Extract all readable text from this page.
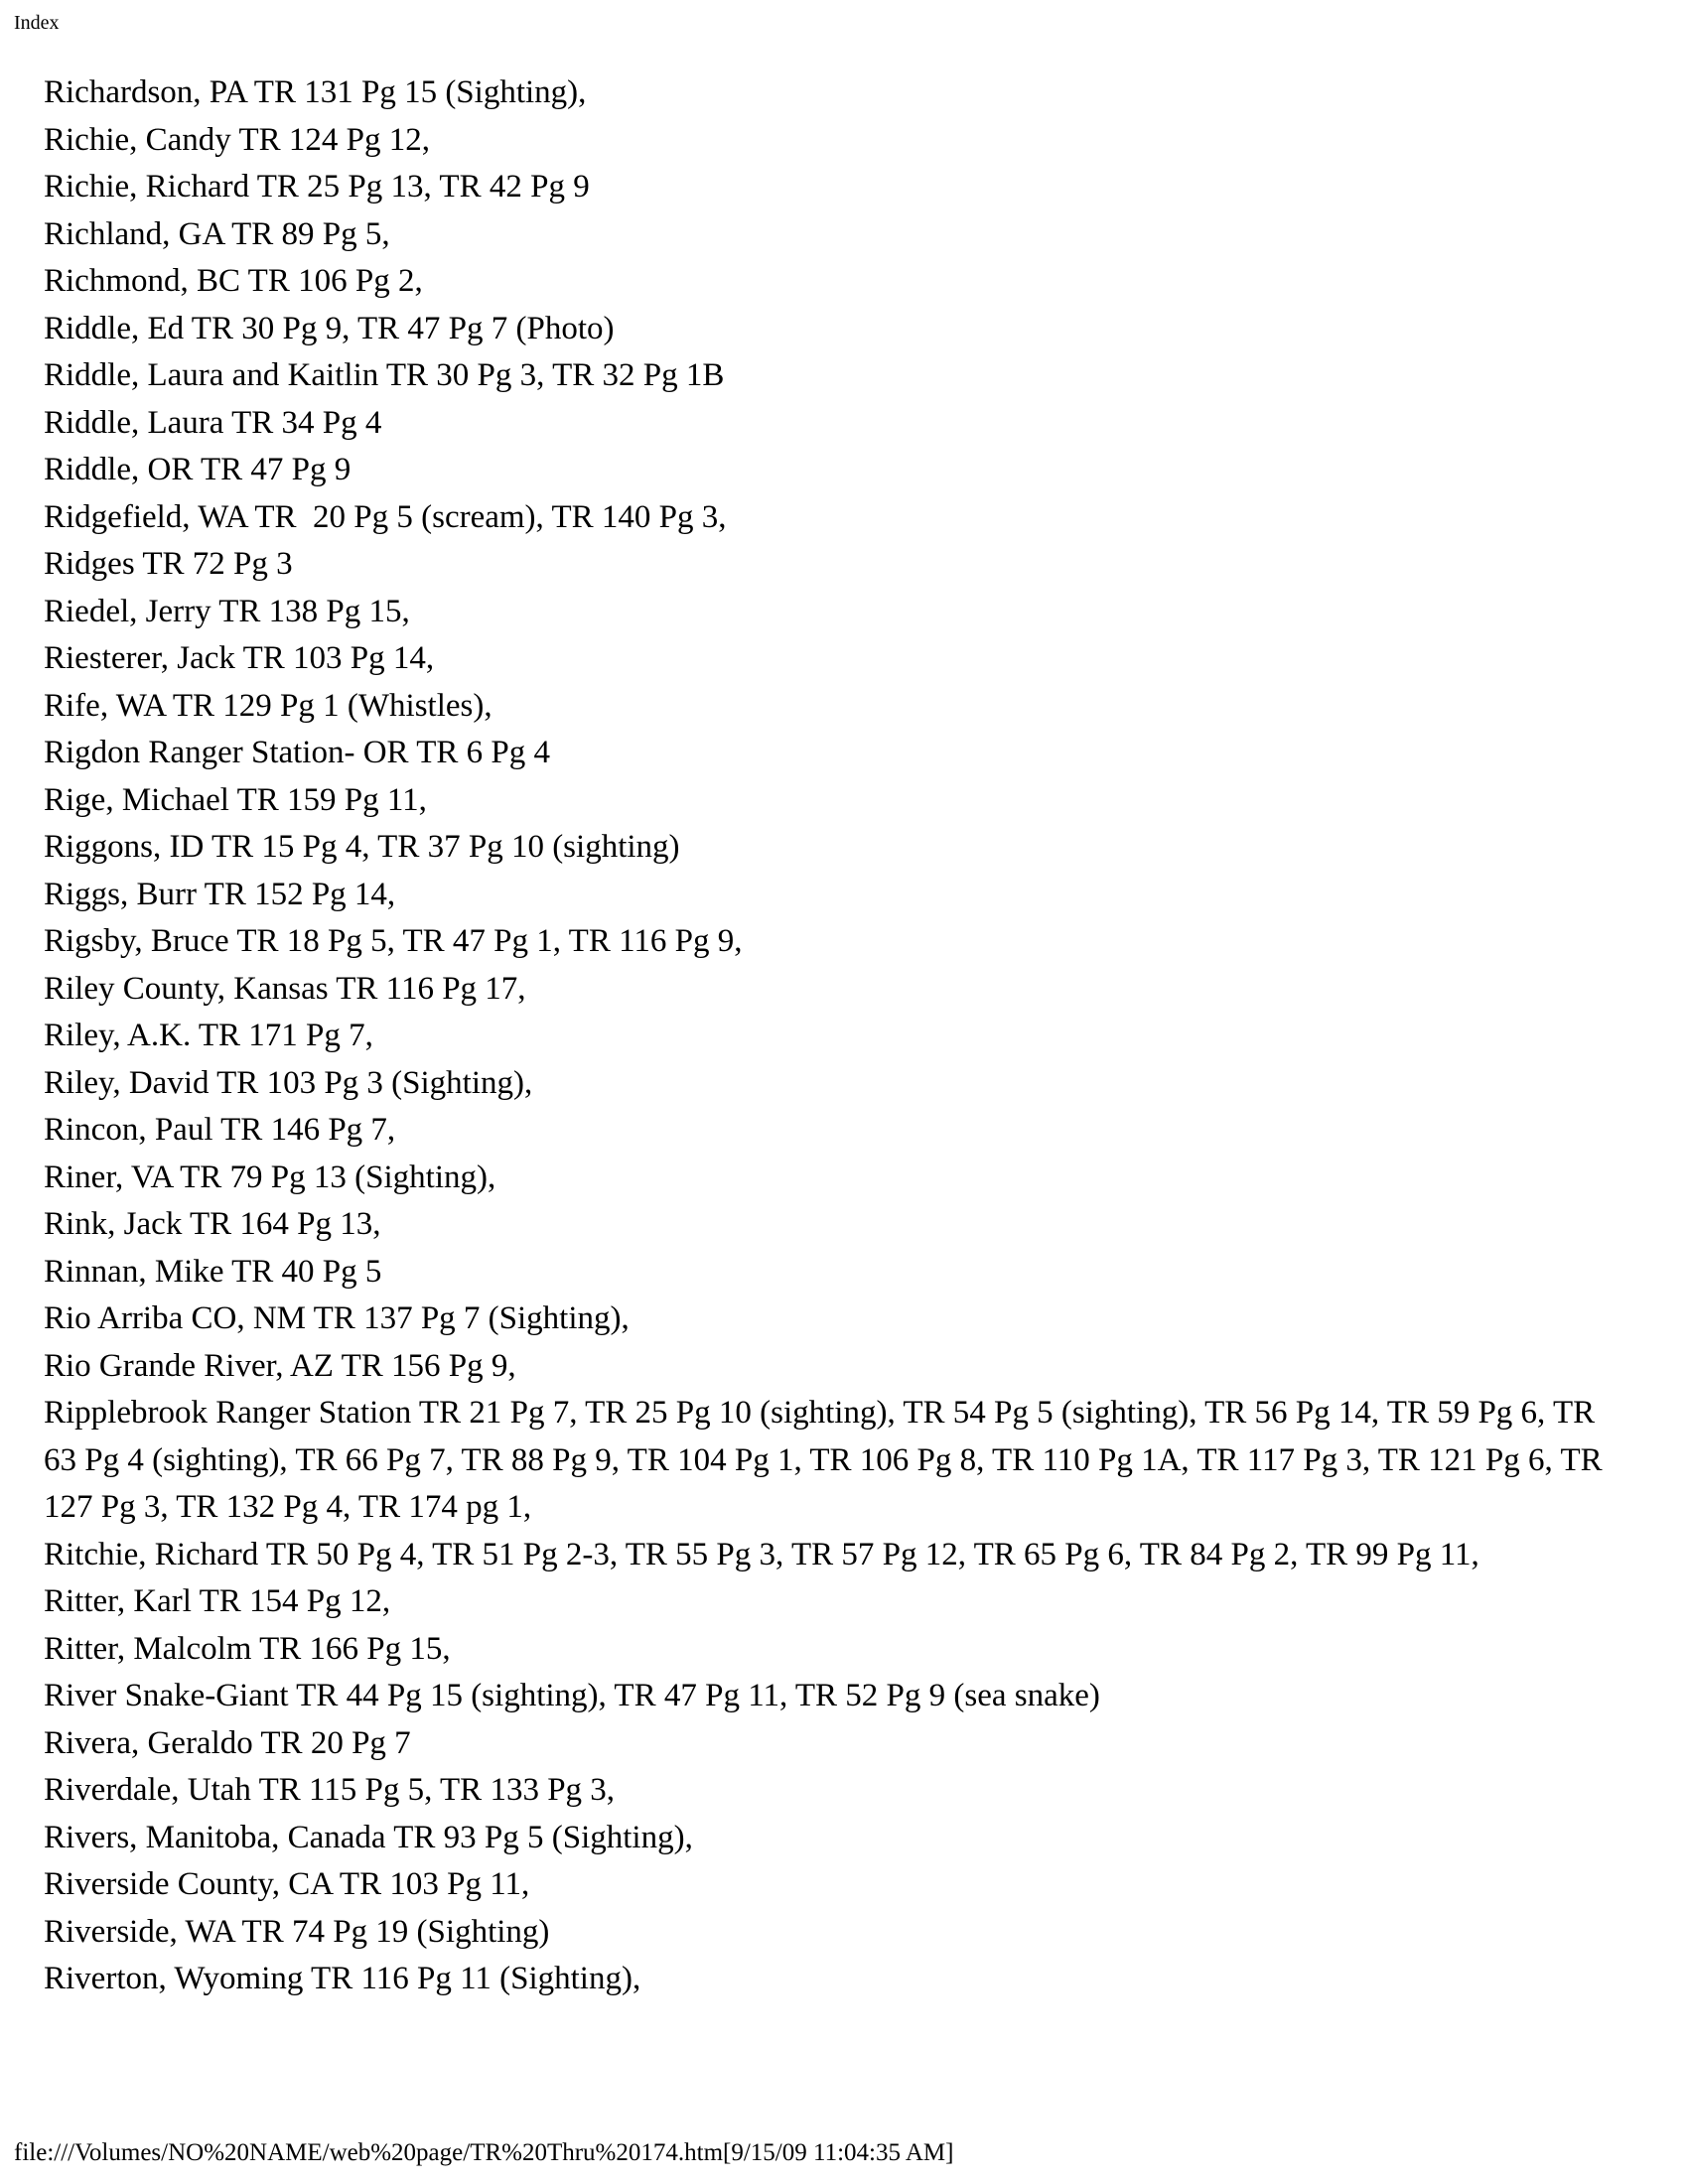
Index
Richardson, PA TR 131 Pg 15 (Sighting),
Richie, Candy TR 124 Pg 12,
Richie, Richard TR 25 Pg 13, TR 42 Pg 9
Richland, GA TR 89 Pg 5,
Richmond, BC TR 106 Pg 2,
Riddle, Ed TR 30 Pg 9, TR 47 Pg 7 (Photo)
Riddle, Laura and Kaitlin TR 30 Pg 3, TR 32 Pg 1B
Riddle, Laura TR 34 Pg 4
Riddle, OR TR 47 Pg 9
Ridgefield, WA TR  20 Pg 5 (scream), TR 140 Pg 3,
Ridges TR 72 Pg 3
Riedel, Jerry TR 138 Pg 15,
Riesterer, Jack TR 103 Pg 14,
Rife, WA TR 129 Pg 1 (Whistles),
Rigdon Ranger Station- OR TR 6 Pg 4
Rige, Michael TR 159 Pg 11,
Riggons, ID TR 15 Pg 4, TR 37 Pg 10 (sighting)
Riggs, Burr TR 152 Pg 14,
Rigsby, Bruce TR 18 Pg 5, TR 47 Pg 1, TR 116 Pg 9,
Riley County, Kansas TR 116 Pg 17,
Riley, A.K. TR 171 Pg 7,
Riley, David TR 103 Pg 3 (Sighting),
Rincon, Paul TR 146 Pg 7,
Riner, VA TR 79 Pg 13 (Sighting),
Rink, Jack TR 164 Pg 13,
Rinnan, Mike TR 40 Pg 5
Rio Arriba CO, NM TR 137 Pg 7 (Sighting),
Rio Grande River, AZ TR 156 Pg 9,
Ripplebrook Ranger Station TR 21 Pg 7, TR 25 Pg 10 (sighting), TR 54 Pg 5 (sighting), TR 56 Pg 14, TR 59 Pg 6, TR 63 Pg 4 (sighting), TR 66 Pg 7, TR 88 Pg 9, TR 104 Pg 1, TR 106 Pg 8, TR 110 Pg 1A, TR 117 Pg 3, TR 121 Pg 6, TR 127 Pg 3, TR 132 Pg 4, TR 174 pg 1,
Ritchie, Richard TR 50 Pg 4, TR 51 Pg 2-3, TR 55 Pg 3, TR 57 Pg 12, TR 65 Pg 6, TR 84 Pg 2, TR 99 Pg 11,
Ritter, Karl TR 154 Pg 12,
Ritter, Malcolm TR 166 Pg 15,
River Snake-Giant TR 44 Pg 15 (sighting), TR 47 Pg 11, TR 52 Pg 9 (sea snake)
Rivera, Geraldo TR 20 Pg 7
Riverdale, Utah TR 115 Pg 5, TR 133 Pg 3,
Rivers, Manitoba, Canada TR 93 Pg 5 (Sighting),
Riverside County, CA TR 103 Pg 11,
Riverside, WA TR 74 Pg 19 (Sighting)
Riverton, Wyoming TR 116 Pg 11 (Sighting),
file:///Volumes/NO%20NAME/web%20page/TR%20Thru%20174.htm[9/15/09 11:04:35 AM]
